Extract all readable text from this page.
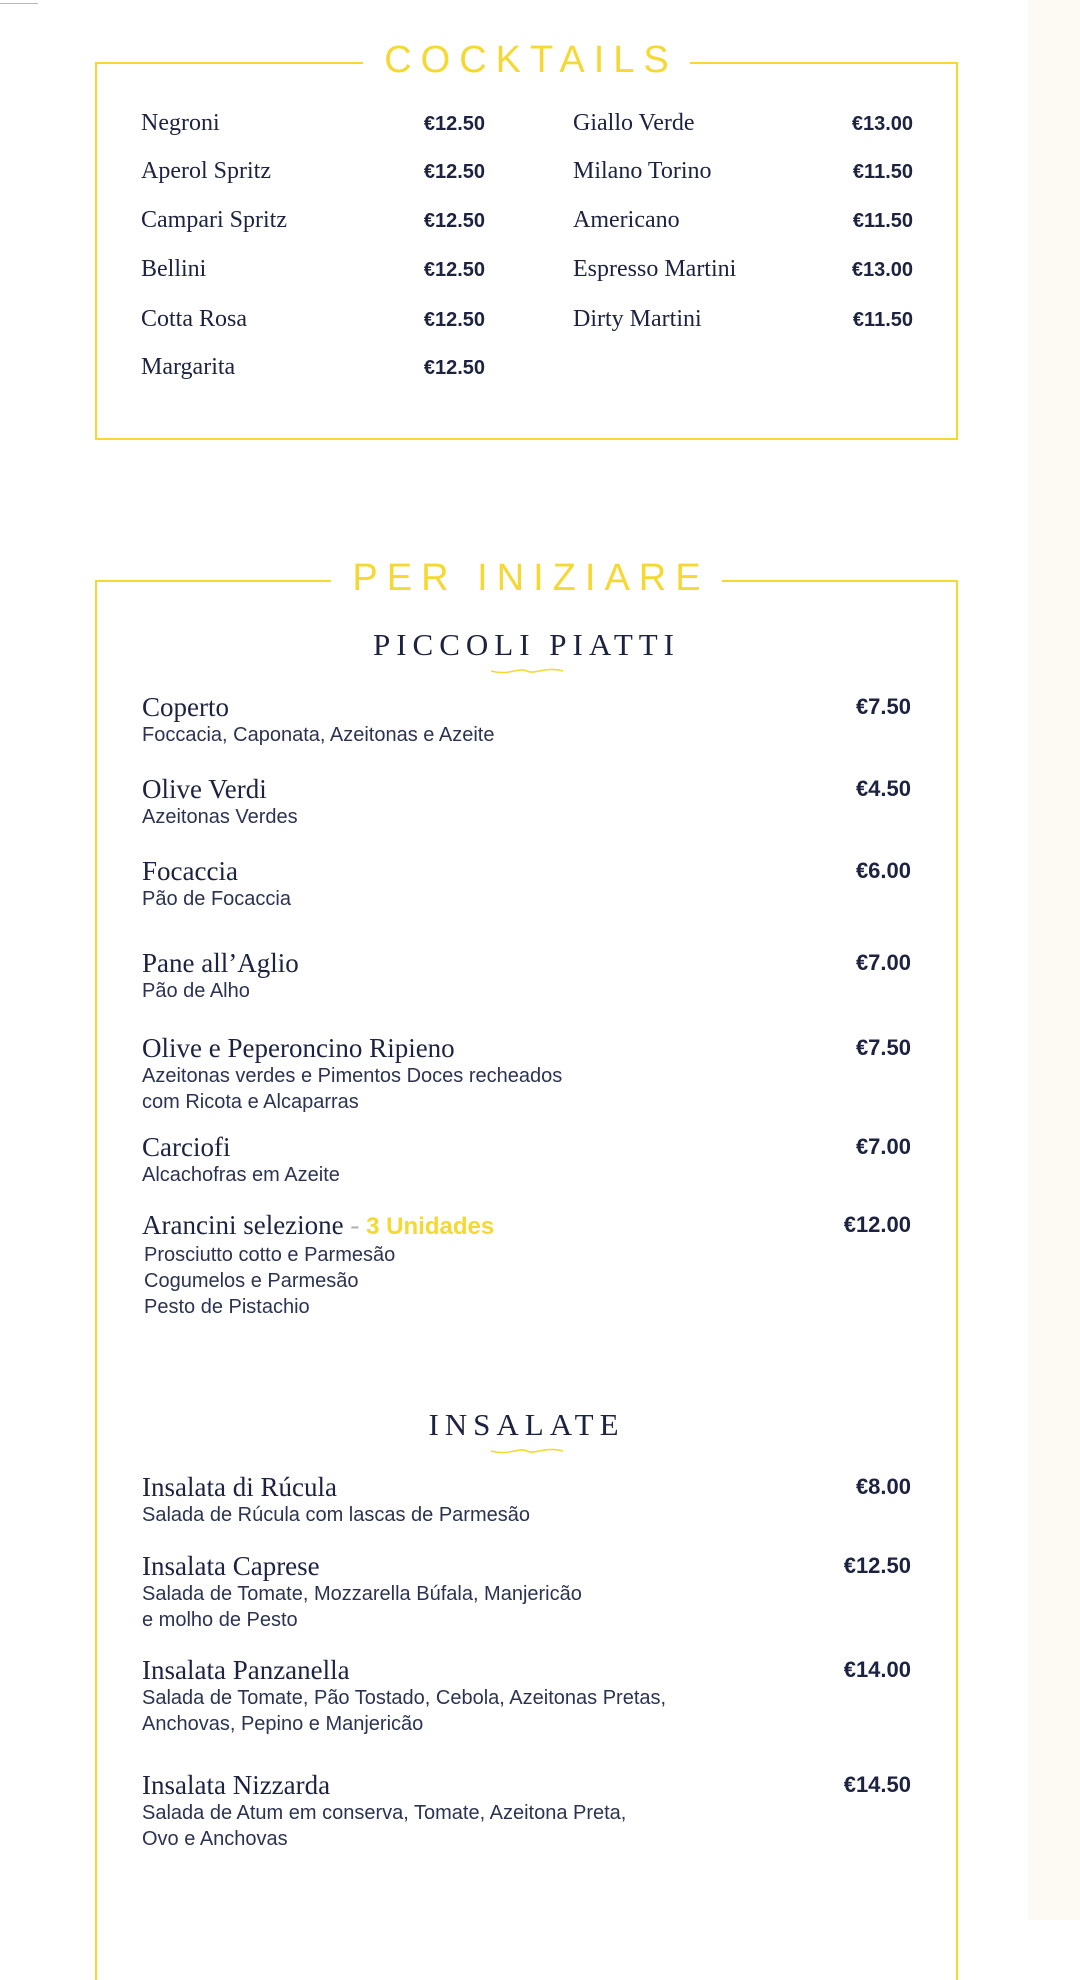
COCKTAILS
Negroni	€12.50
Aperol Spritz	€12.50
Campari Spritz	€12.50
Bellini	€12.50
Cotta Rosa	€12.50
Margarita	€12.50
Giallo Verde	€13.00
Milano Torino	€11.50
Americano	€11.50
Espresso Martini	€13.00
Dirty Martini	€11.50
PER INIZIARE
PICCOLI PIATTI
Coperto	€7.50
Foccacia, Caponata, Azeitonas e Azeite
Olive Verdi	€4.50
Azeitonas Verdes
Focaccia	€6.00
Pão de Focaccia
Pane all’Aglio	€7.00
Pão de Alho
Olive e Peperoncino Ripieno	€7.50
Azeitonas verdes e Pimentos Doces recheados
com Ricota e Alcaparras
Carciofi	€7.00
Alcachofras em Azeite
Arancini selezione - 3 Unidades	€12.00
Prosciutto cotto e Parmesão
Cogumelos e Parmesão
Pesto de Pistachio
INSALATE
Insalata di Rúcula	€8.00
Salada de Rúcula com lascas de Parmesão
Insalata Caprese	€12.50
Salada de Tomate, Mozzarella Búfala, Manjericão
e molho de Pesto
Insalata Panzanella	€14.00
Salada de Tomate, Pão Tostado, Cebola, Azeitonas Pretas,
Anchovas, Pepino e Manjericão
Insalata Nizzarda	€14.50
Salada de Atum em conserva, Tomate, Azeitona Preta,
Ovo e Anchovas
